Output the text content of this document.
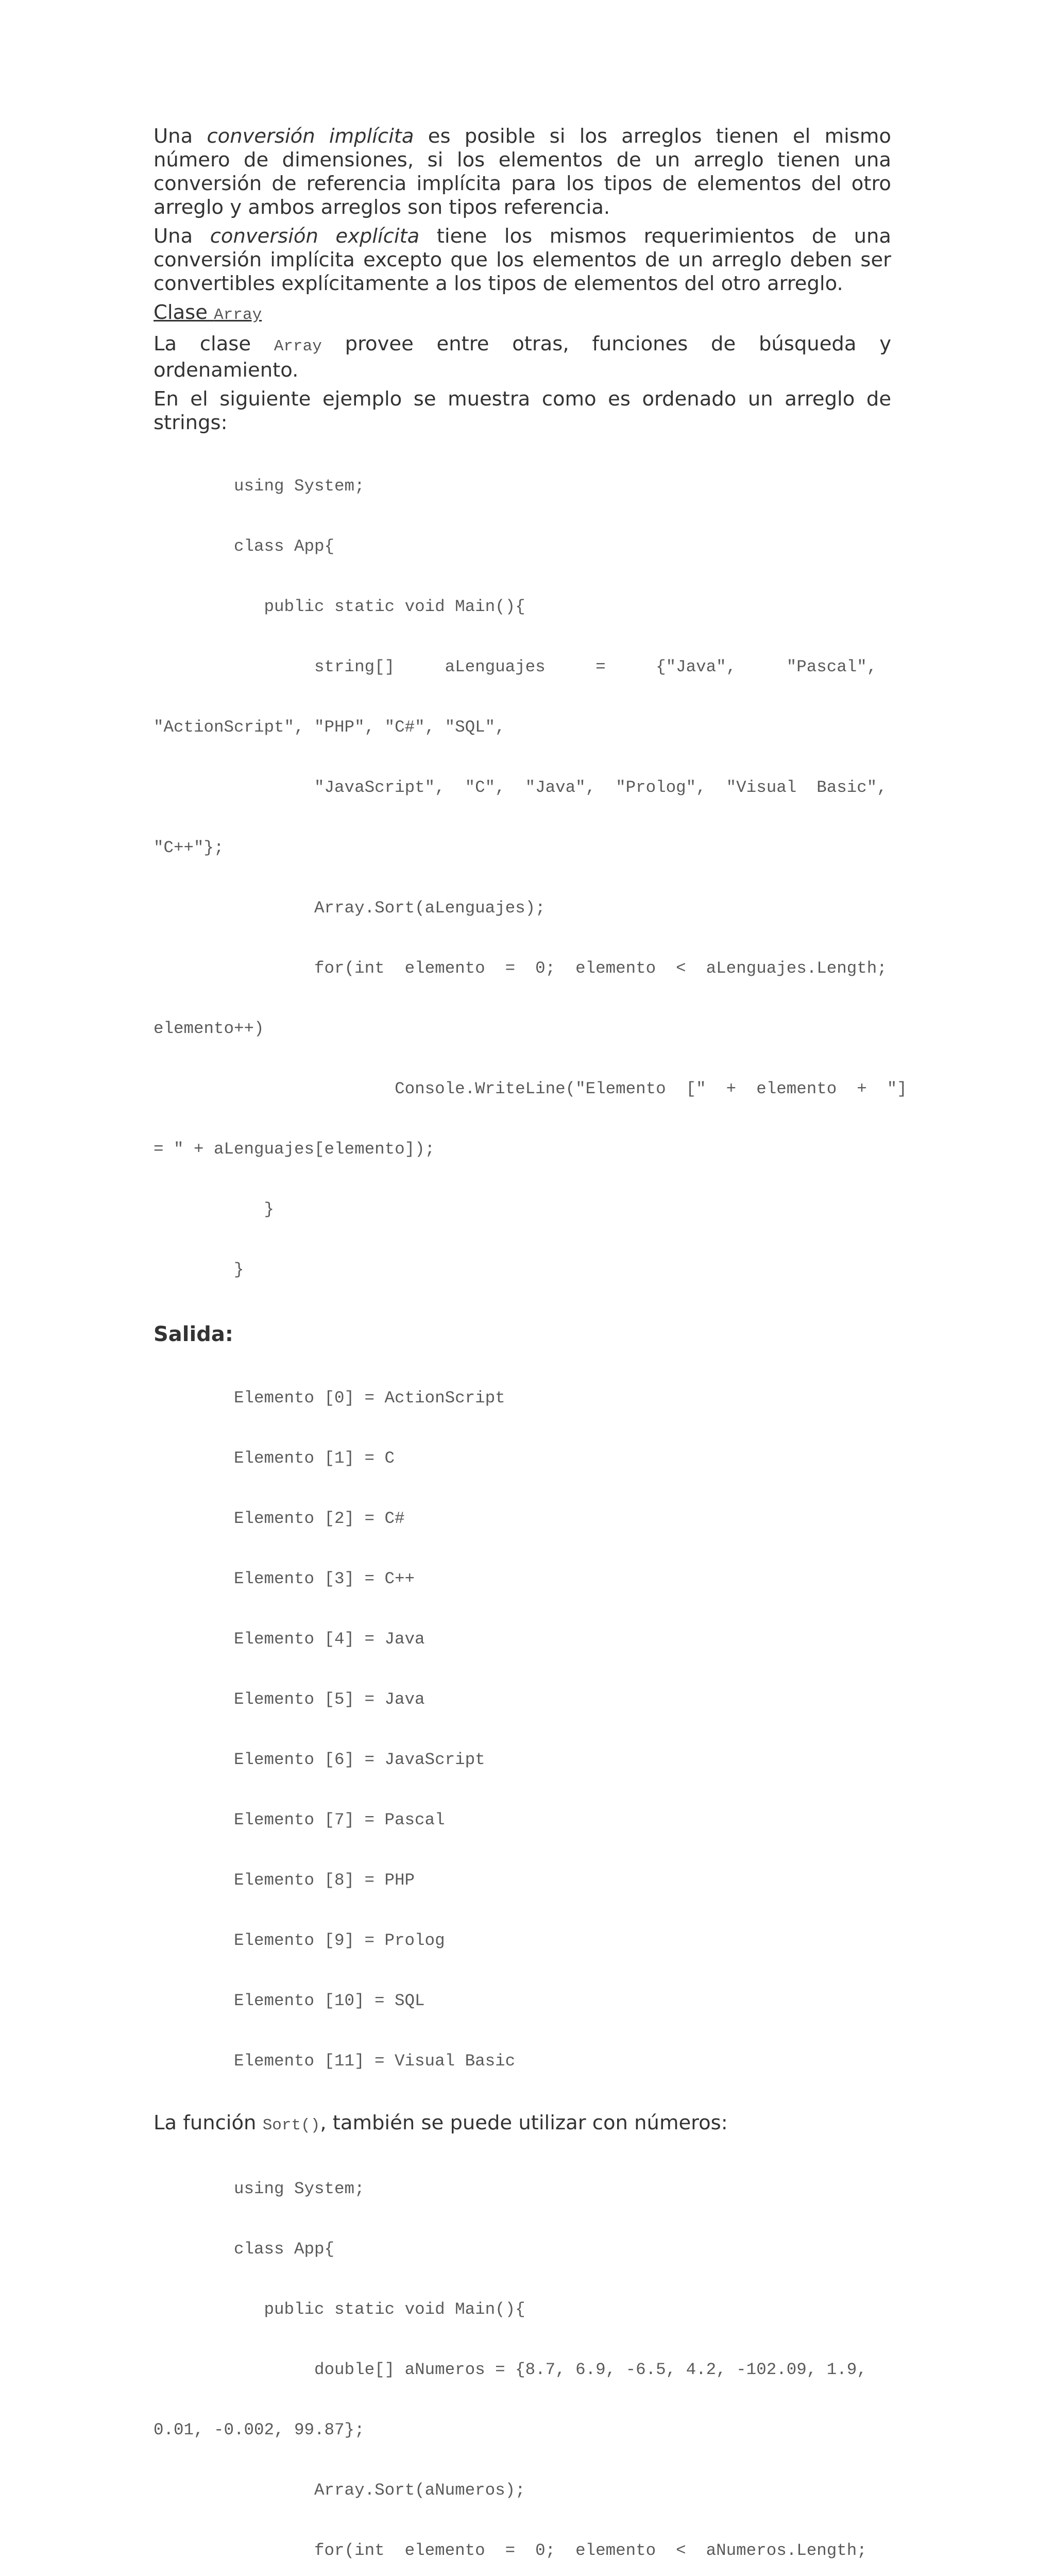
Una conversión implícita es posible si los arreglos tienen el mismo número de dimensiones, si los elementos de un arreglo tienen una conversión de referencia implícita para los tipos de elementos del otro arreglo y ambos arreglos son tipos referencia.

Una conversión explícita tiene los mismos requerimientos de una conversión implícita excepto que los elementos de un arreglo deben ser convertibles explícitamente a los tipos de elementos del otro arreglo.

Clase Array

La clase Array provee entre otras, funciones de búsqueda y ordenamiento.

En el siguiente ejemplo se muestra como es ordenado un arreglo de strings:

using System;

class App{

public static void Main(){

string[]     aLenguajes     =     {"Java",     "Pascal",

"ActionScript", "PHP", "C#", "SQL",

"JavaScript",  "C",  "Java",  "Prolog",  "Visual  Basic",

"C++"};

Array.Sort(aLenguajes);

for(int  elemento  =  0;  elemento  <  aLenguajes.Length;

elemento++)

Console.WriteLine("Elemento  ["  +  elemento  +  "]

= " + aLenguajes[elemento]);

}

}

Salida:

Elemento [0] = ActionScript

Elemento [1] = C

Elemento [2] = C#

Elemento [3] = C++

Elemento [4] = Java

Elemento [5] = Java

Elemento [6] = JavaScript

Elemento [7] = Pascal

Elemento [8] = PHP

Elemento [9] = Prolog

Elemento [10] = SQL

Elemento [11] = Visual Basic

La función Sort(), también se puede utilizar con números:

using System;

class App{

public static void Main(){

double[] aNumeros = {8.7, 6.9, -6.5, 4.2, -102.09, 1.9,

0.01, -0.002, 99.87};

Array.Sort(aNumeros);

for(int  elemento  =  0;  elemento  <  aNumeros.Length;
